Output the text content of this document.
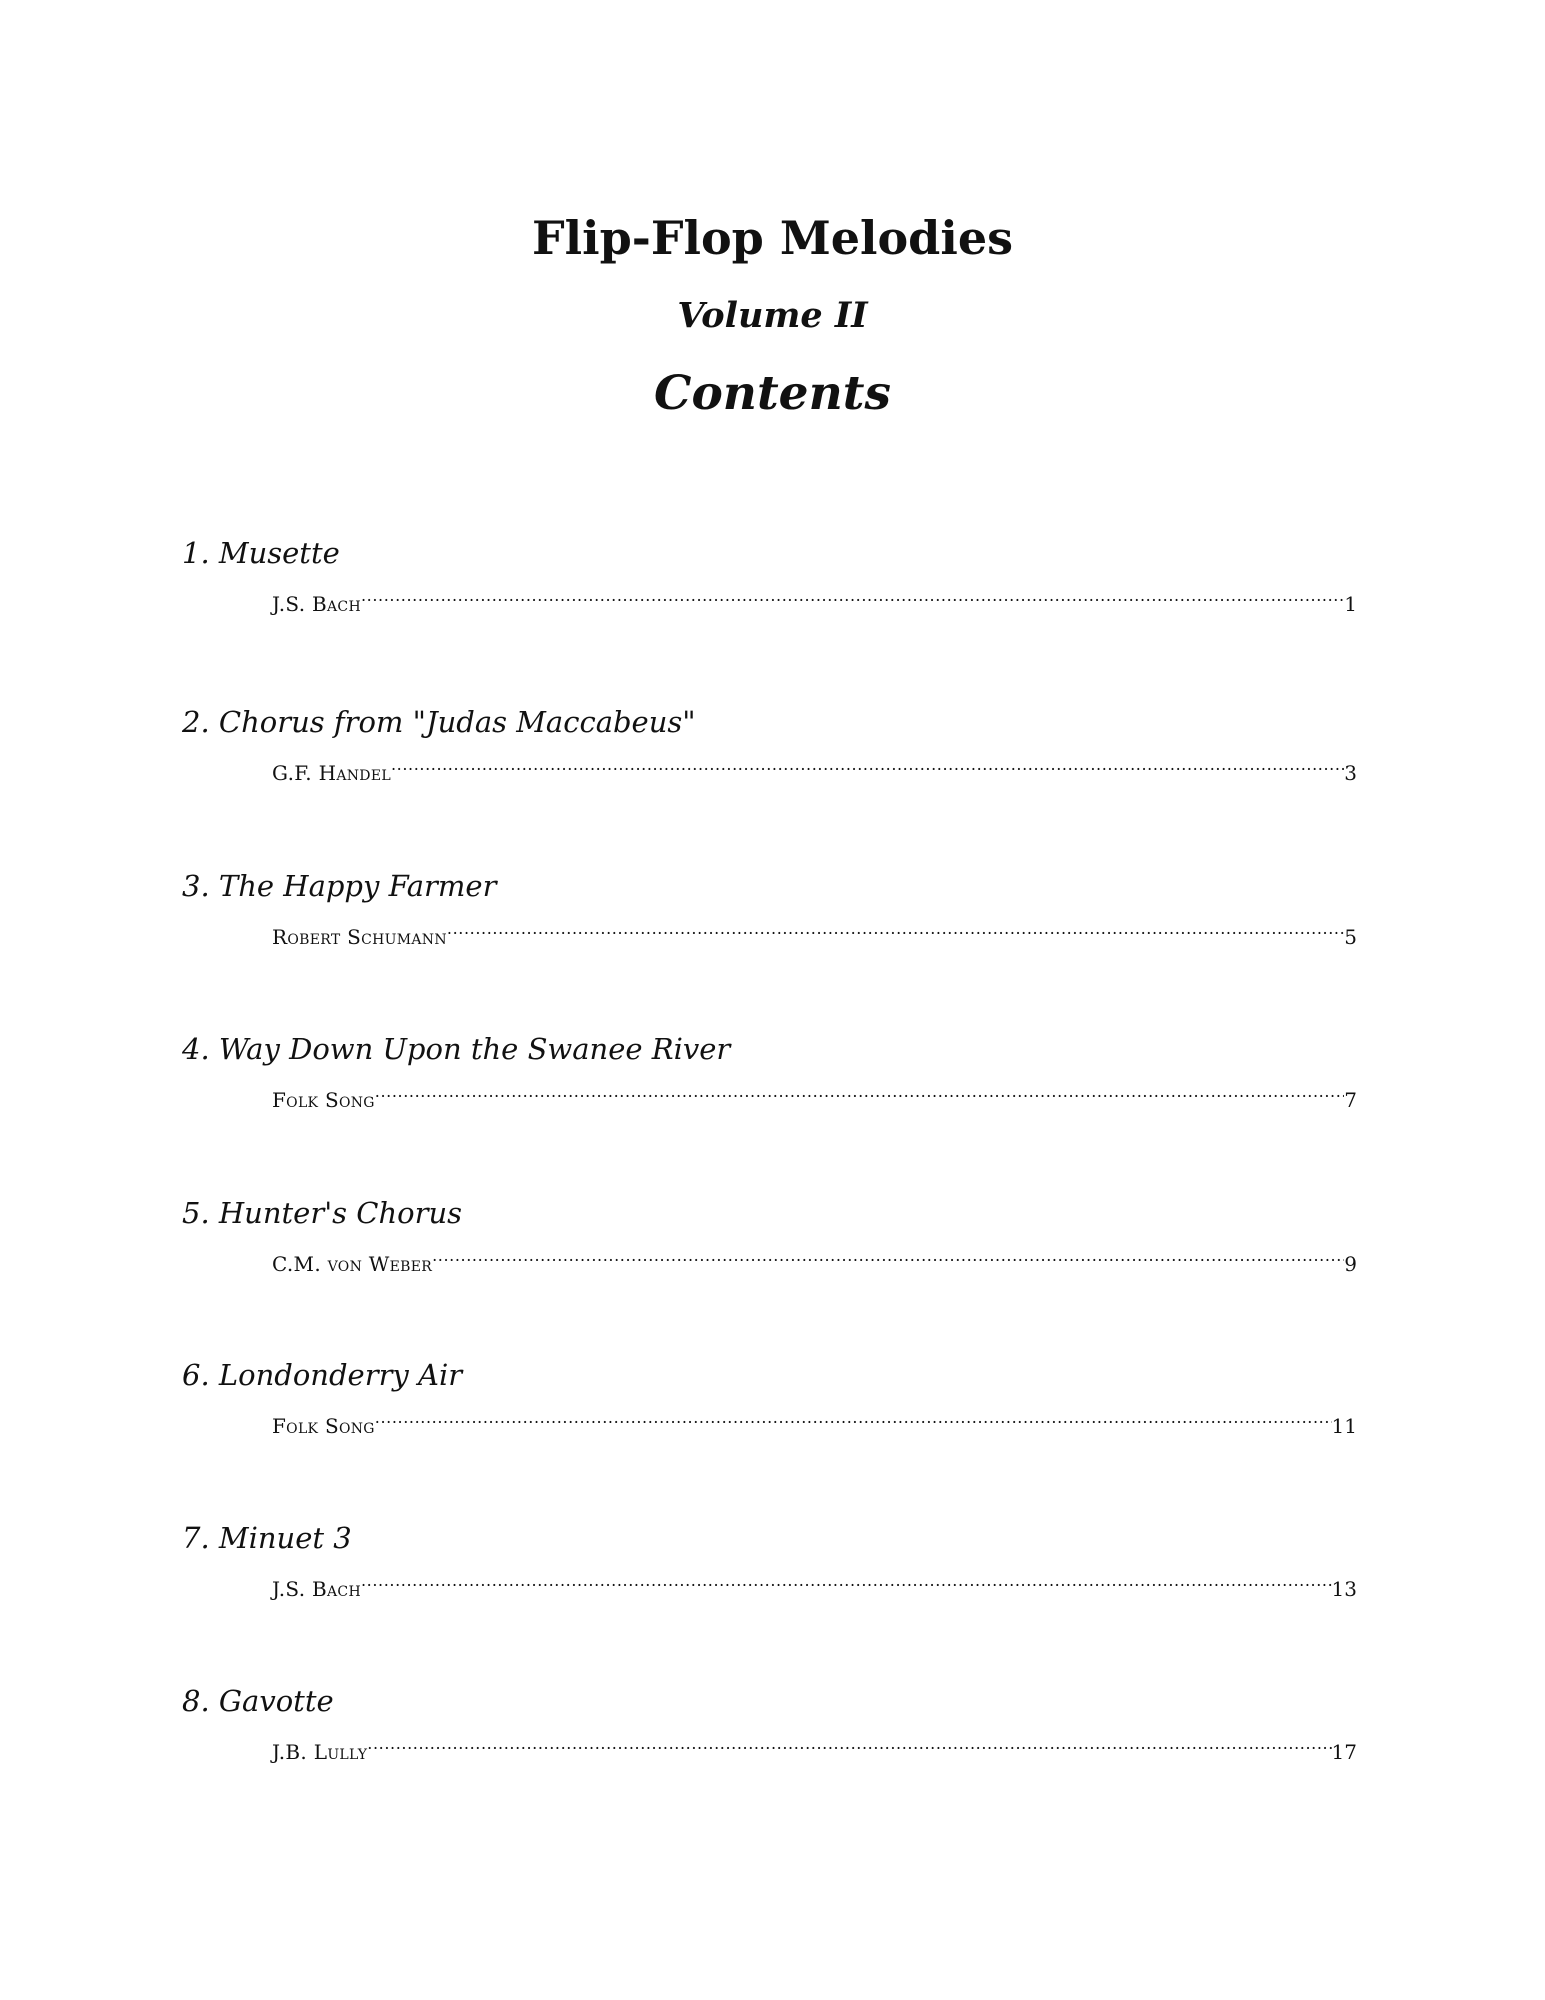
Flip-Flop Melodies
Volume II
Contents
1. Musette
J.S. Bach .....	1
2. Chorus from "Judas Maccabeus"
G.F. Handel .....	3
3. The Happy Farmer
Robert Schumann .....	5
4. Way Down Upon the Swanee River
Folk Song .....	7
5. Hunter's Chorus
C.M. von Weber .....	9
6. Londonderry Air
Folk Song .....	11
7. Minuet 3
J.S. Bach .....	13
8. Gavotte
J.B. Lully .....	17
